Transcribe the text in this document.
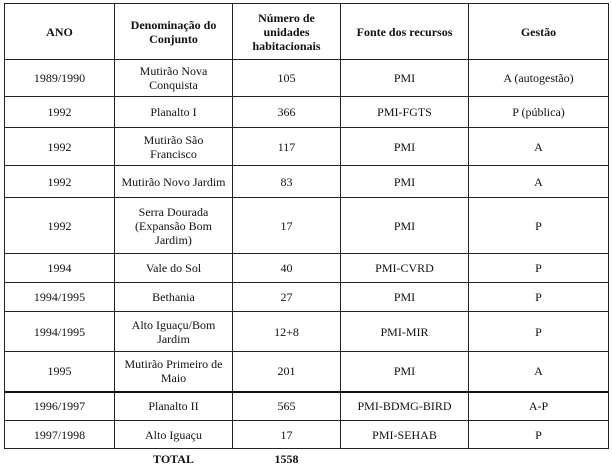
ANO	Denominação do Conjunto	Número de unidades habitacionais	Fonte dos recursos	Gestão
1989/1990	Mutirão Nova Conquista	105	PMI	A (autogestão)
1992	Planalto I	366	PMI-FGTS	P (pública)
1992	Mutirão São Francisco	117	PMI	A
1992	Mutirão Novo Jardim	83	PMI	A
1992	Serra Dourada (Expansão Bom Jardim)	17	PMI	P
1994	Vale do Sol	40	PMI-CVRD	P
1994/1995	Bethania	27	PMI	P
1994/1995	Alto Iguaçu/Bom Jardim	12+8	PMI-MIR	P
1995	Mutirão Primeiro de Maio	201	PMI	A
1996/1997	Planalto II	565	PMI-BDMG-BIRD	A-P
1997/1998	Alto Iguaçu	17	PMI-SEHAB	P
	TOTAL	1558		
